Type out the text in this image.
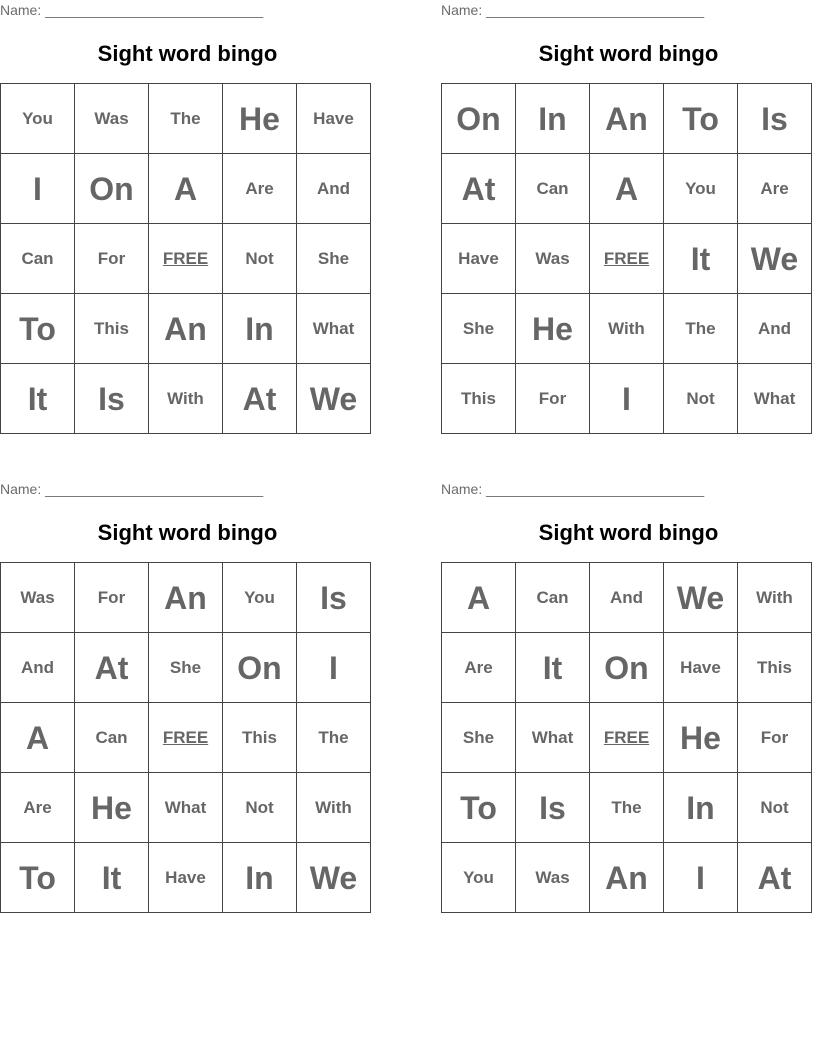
Name: ____________________________
Sight word bingo
You	Was	The	He	Have
I	On	A	Are	And
Can	For	FREE	Not	She
To	This	An	In	What
It	Is	With	At	We
Name: ____________________________
Sight word bingo
On	In	An	To	Is
At	Can	A	You	Are
Have	Was	FREE	It	We
She	He	With	The	And
This	For	I	Not	What
Name: ____________________________
Sight word bingo
Was	For	An	You	Is
And	At	She	On	I
A	Can	FREE	This	The
Are	He	What	Not	With
To	It	Have	In	We
Name: ____________________________
Sight word bingo
A	Can	And	We	With
Are	It	On	Have	This
She	What	FREE	He	For
To	Is	The	In	Not
You	Was	An	I	At
